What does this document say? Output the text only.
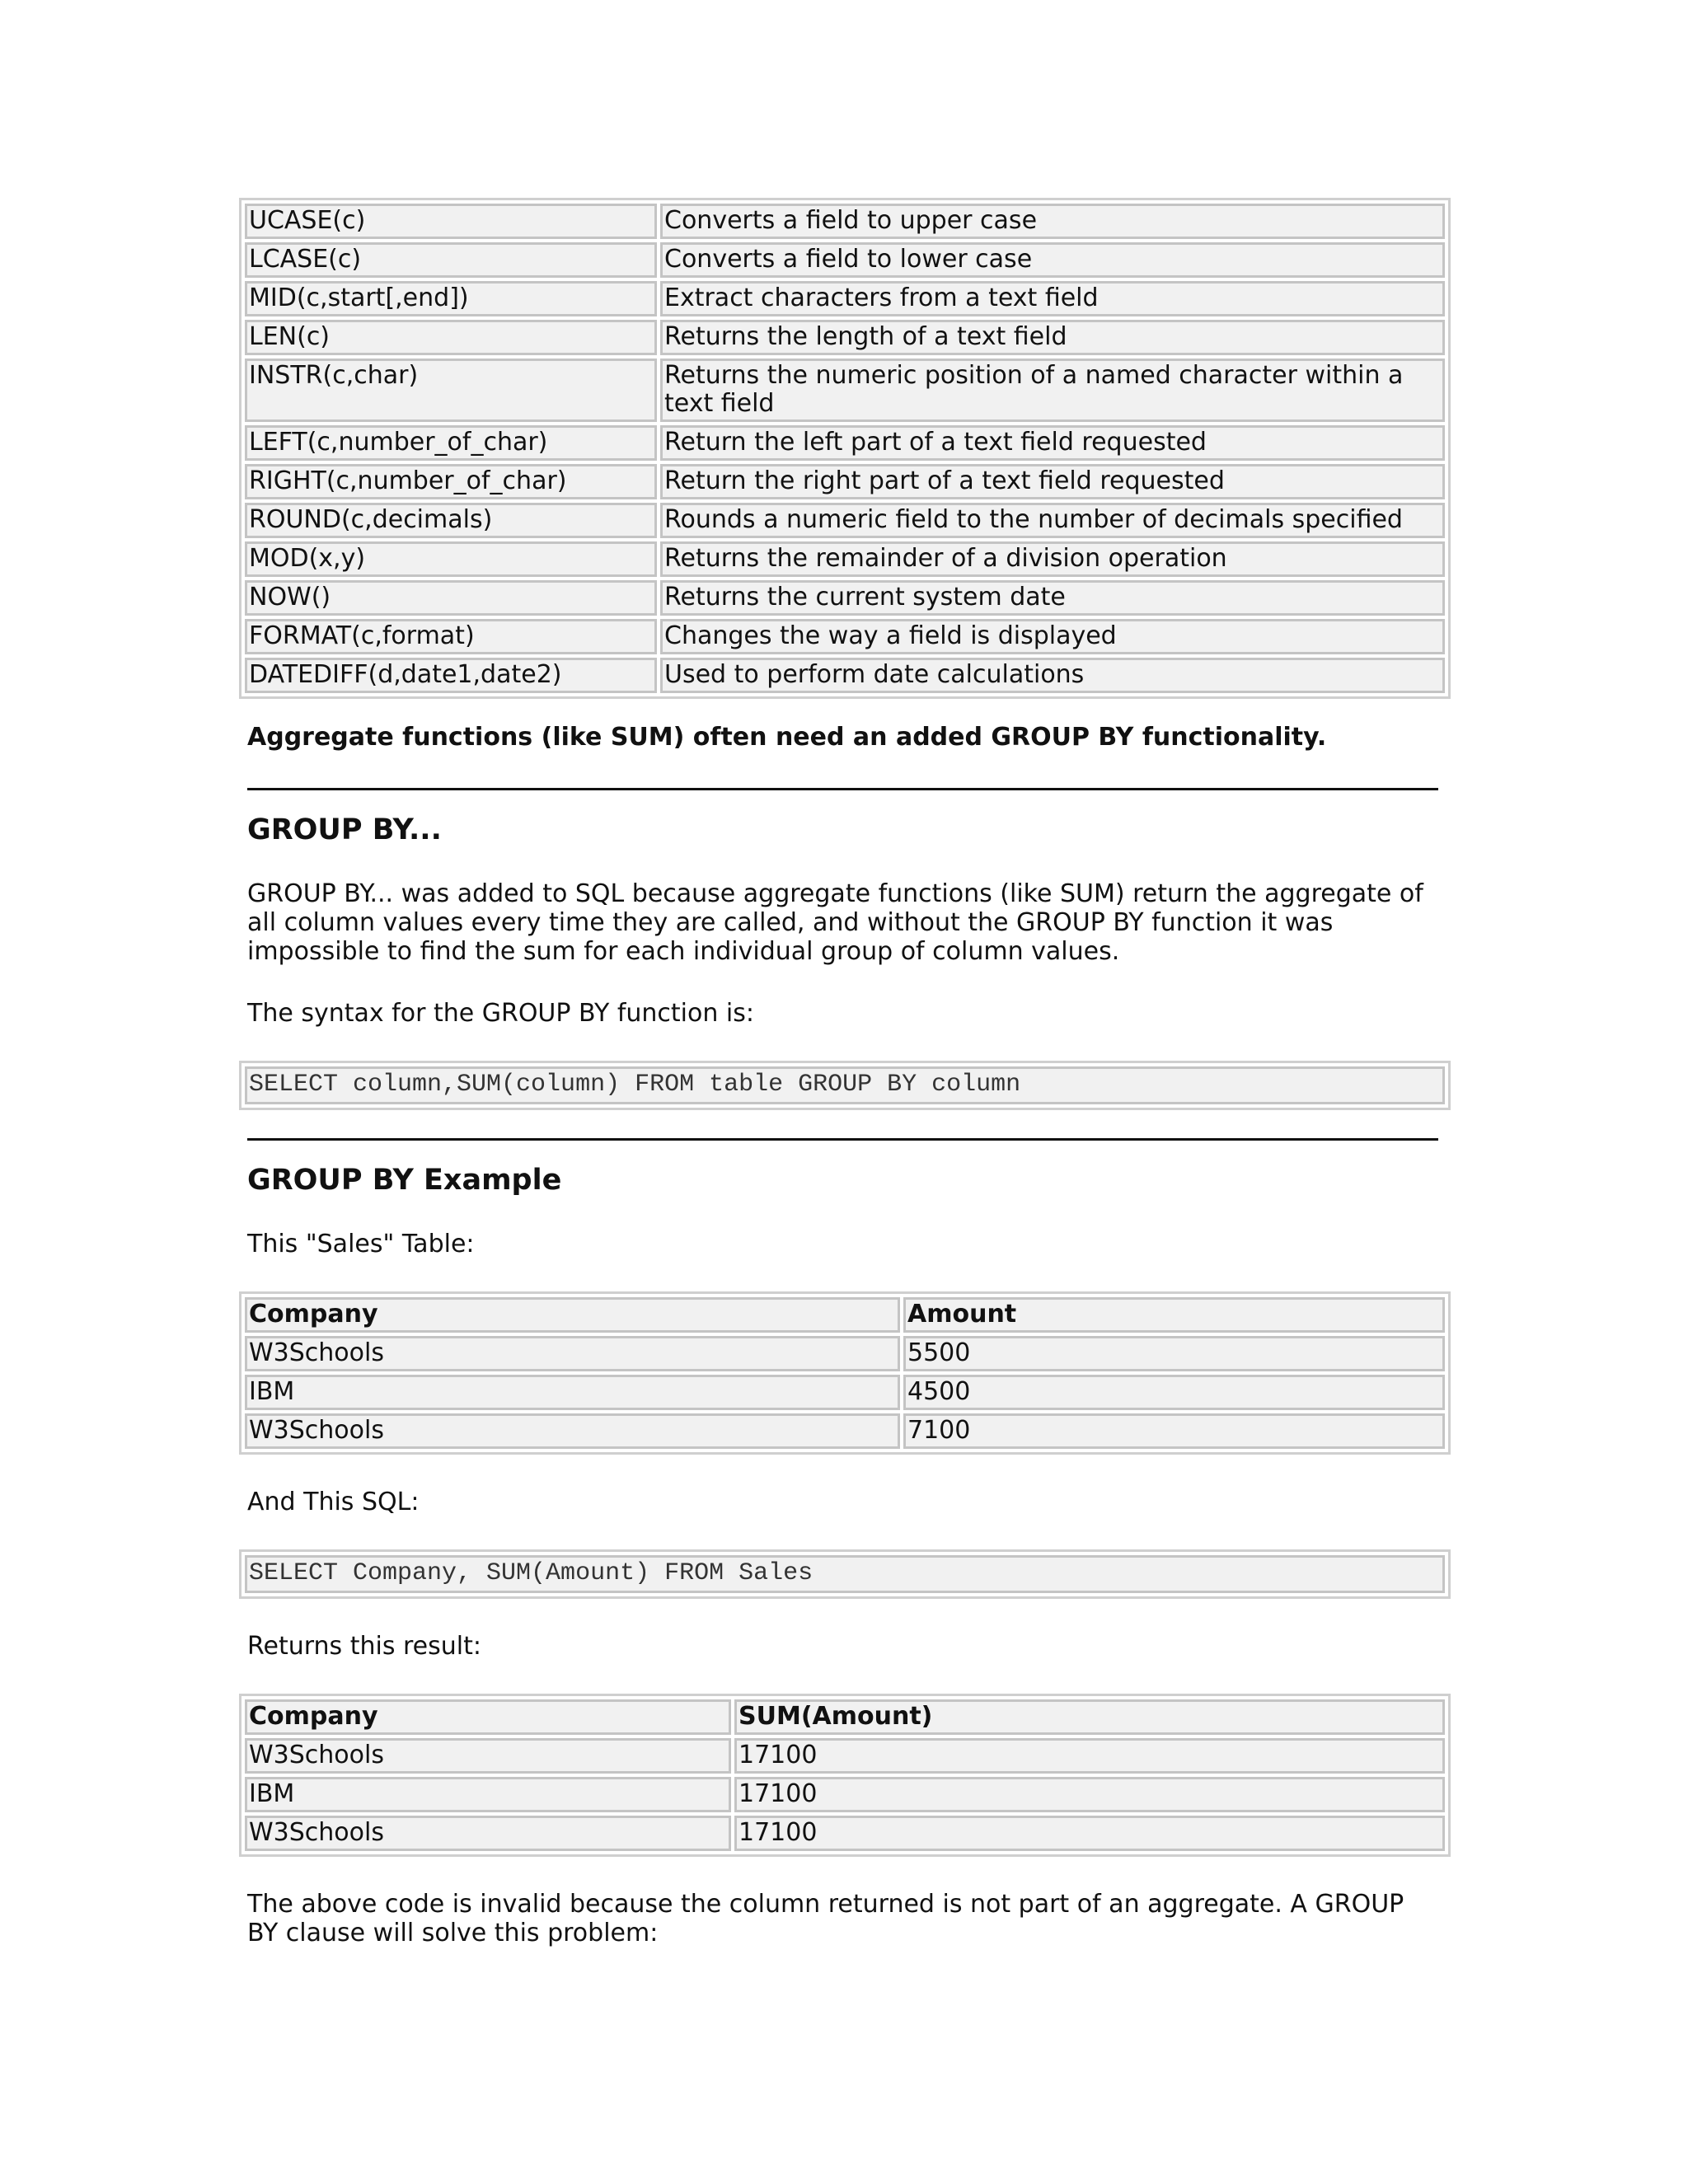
UCASE(c)	Converts a field to upper case
LCASE(c)	Converts a field to lower case
MID(c,start[,end])	Extract characters from a text field
LEN(c)	Returns the length of a text field
INSTR(c,char)	Returns the numeric position of a named character within a text field
LEFT(c,number_of_char)	Return the left part of a text field requested
RIGHT(c,number_of_char)	Return the right part of a text field requested
ROUND(c,decimals)	Rounds a numeric field to the number of decimals specified
MOD(x,y)	Returns the remainder of a division operation
NOW()	Returns the current system date
FORMAT(c,format)	Changes the way a field is displayed
DATEDIFF(d,date1,date2)	Used to perform date calculations
Aggregate functions (like SUM) often need an added GROUP BY functionality.
GROUP BY...

GROUP BY... was added to SQL because aggregate functions (like SUM) return the aggregate of all column values every time they are called, and without the GROUP BY function it was impossible to find the sum for each individual group of column values.

The syntax for the GROUP BY function is:

SELECT column,SUM(column) FROM table GROUP BY column
GROUP BY Example

This "Sales" Table:

Company	Amount
W3Schools	5500
IBM	4500
W3Schools	7100

And This SQL:

SELECT Company, SUM(Amount) FROM Sales

Returns this result:

Company	SUM(Amount)
W3Schools	17100
IBM	17100
W3Schools	17100

The above code is invalid because the column returned is not part of an aggregate. A GROUP BY clause will solve this problem:
